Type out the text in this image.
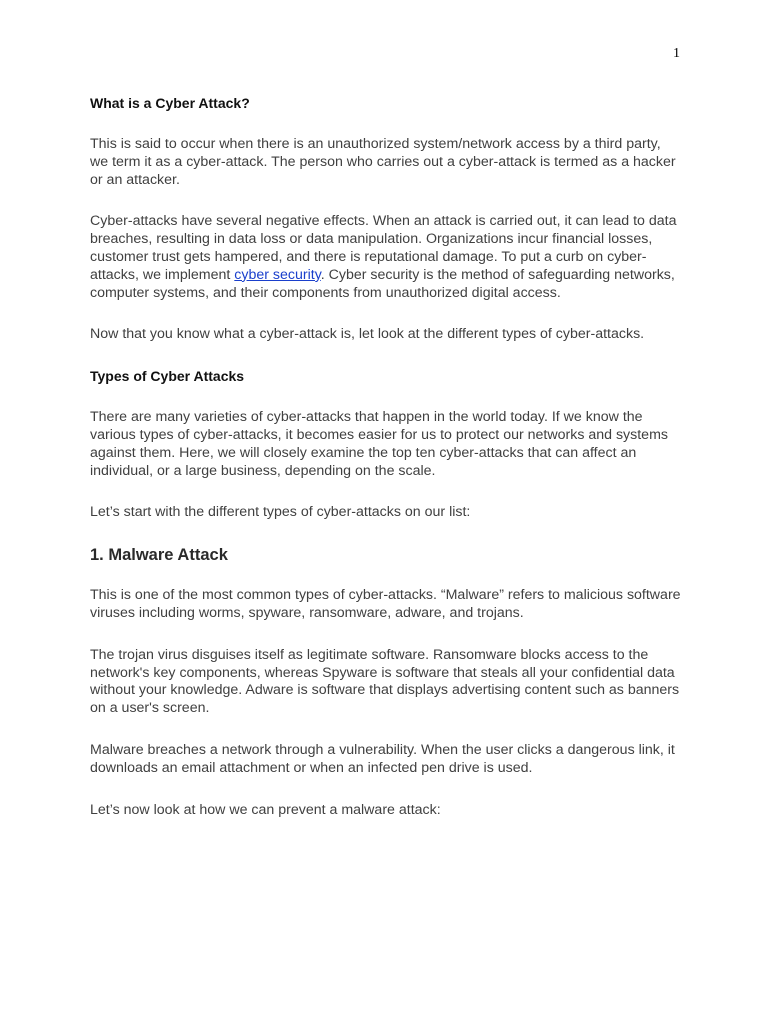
1
What is a Cyber Attack?

This is said to occur when there is an unauthorized system/network access by a third party, we term it as a cyber-attack. The person who carries out a cyber-attack is termed as a hacker or an attacker.

Cyber-attacks have several negative effects. When an attack is carried out, it can lead to data breaches, resulting in data loss or data manipulation. Organizations incur financial losses, customer trust gets hampered, and there is reputational damage. To put a curb on cyber-attacks, we implement cyber security. Cyber security is the method of safeguarding networks, computer systems, and their components from unauthorized digital access.

Now that you know what a cyber-attack is, let look at the different types of cyber-attacks.

Types of Cyber Attacks

There are many varieties of cyber-attacks that happen in the world today. If we know the various types of cyber-attacks, it becomes easier for us to protect our networks and systems against them. Here, we will closely examine the top ten cyber-attacks that can affect an individual, or a large business, depending on the scale.

Let’s start with the different types of cyber-attacks on our list:

1. Malware Attack

This is one of the most common types of cyber-attacks. “Malware” refers to malicious software viruses including worms, spyware, ransomware, adware, and trojans.

The trojan virus disguises itself as legitimate software. Ransomware blocks access to the network's key components, whereas Spyware is software that steals all your confidential data without your knowledge. Adware is software that displays advertising content such as banners on a user's screen.

Malware breaches a network through a vulnerability. When the user clicks a dangerous link, it downloads an email attachment or when an infected pen drive is used.

Let’s now look at how we can prevent a malware attack:
